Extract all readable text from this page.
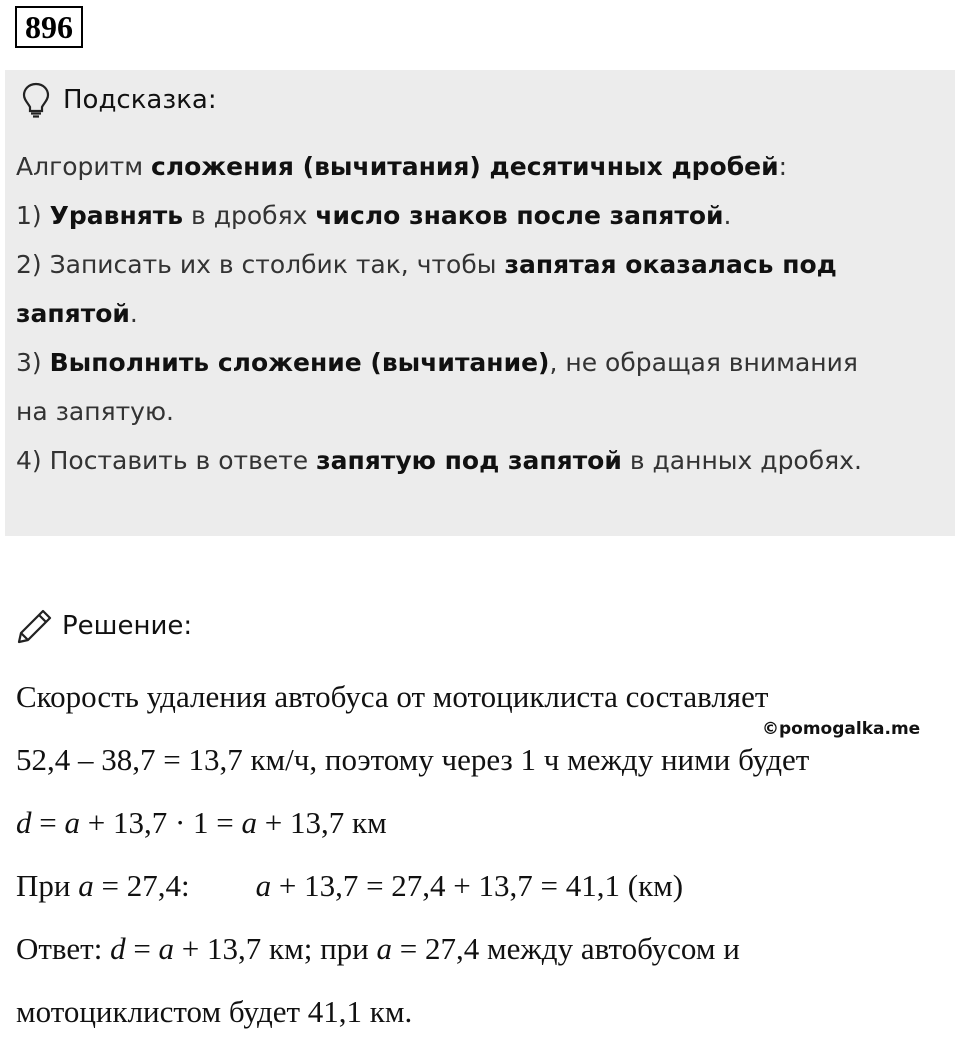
896
Подсказка:

Алгоритм сложения (вычитания) десятичных дробей:

1) Уравнять в дробях число знаков после запятой.

2) Записать их в столбик так, чтобы запятая оказалась под
запятой.

3) Выполнить сложение (вычитание), не обращая внимания
на запятую.

4) Поставить в ответе запятую под запятой в данных дробях.

Решение:
©pomogalka.me

Скорость удаления автобуса от мотоциклиста составляет

52,4 – 38,7 = 13,7 км/ч, поэтому через 1 ч между ними будет

d = a + 13,7 · 1 = a + 13,7 км

При a = 27,4: a + 13,7 = 27,4 + 13,7 = 41,1 (км)

Ответ: d = a + 13,7 км; при a = 27,4 между автобусом и

мотоциклистом будет 41,1 км.
